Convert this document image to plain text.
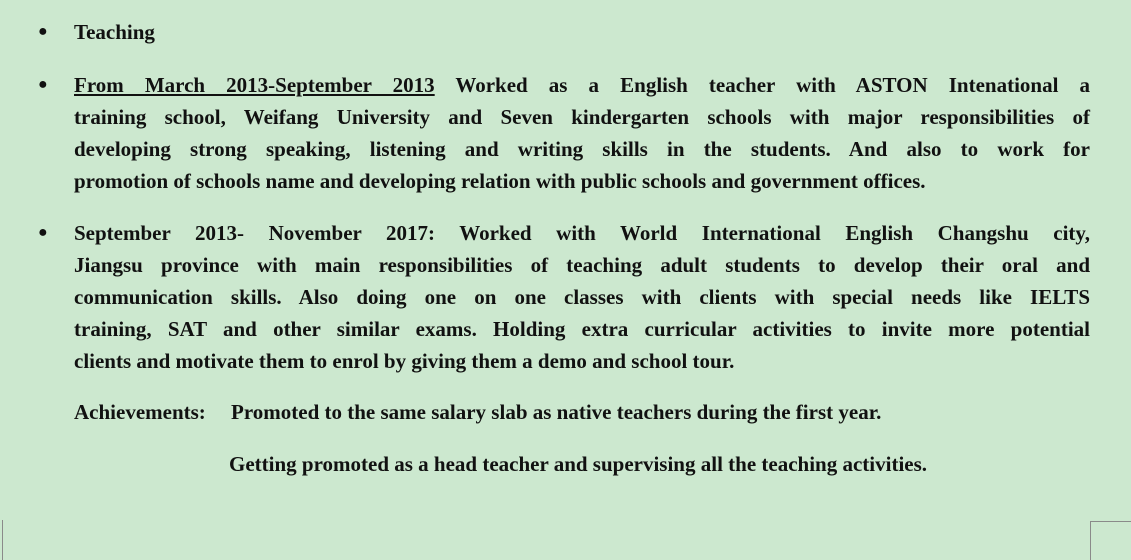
● Teaching
● From March 2013-September 2013 Worked as a English teacher with ASTON Intenational a
training school, Weifang University and Seven kindergarten schools with major responsibilities of
developing strong speaking, listening and writing skills in the students. And also to work for
promotion of schools name and developing relation with public schools and government offices.
● September 2013- November 2017: Worked with World International English Changshu city,
Jiangsu province with main responsibilities of teaching adult students to develop their oral and
communication skills. Also doing one on one classes with clients with special needs like IELTS
training, SAT and other similar exams. Holding extra curricular activities to invite more potential
clients and motivate them to enrol by giving them a demo and school tour.
Achievements: Promoted to the same salary slab as native teachers during the first year.
Getting promoted as a head teacher and supervising all the teaching activities.
